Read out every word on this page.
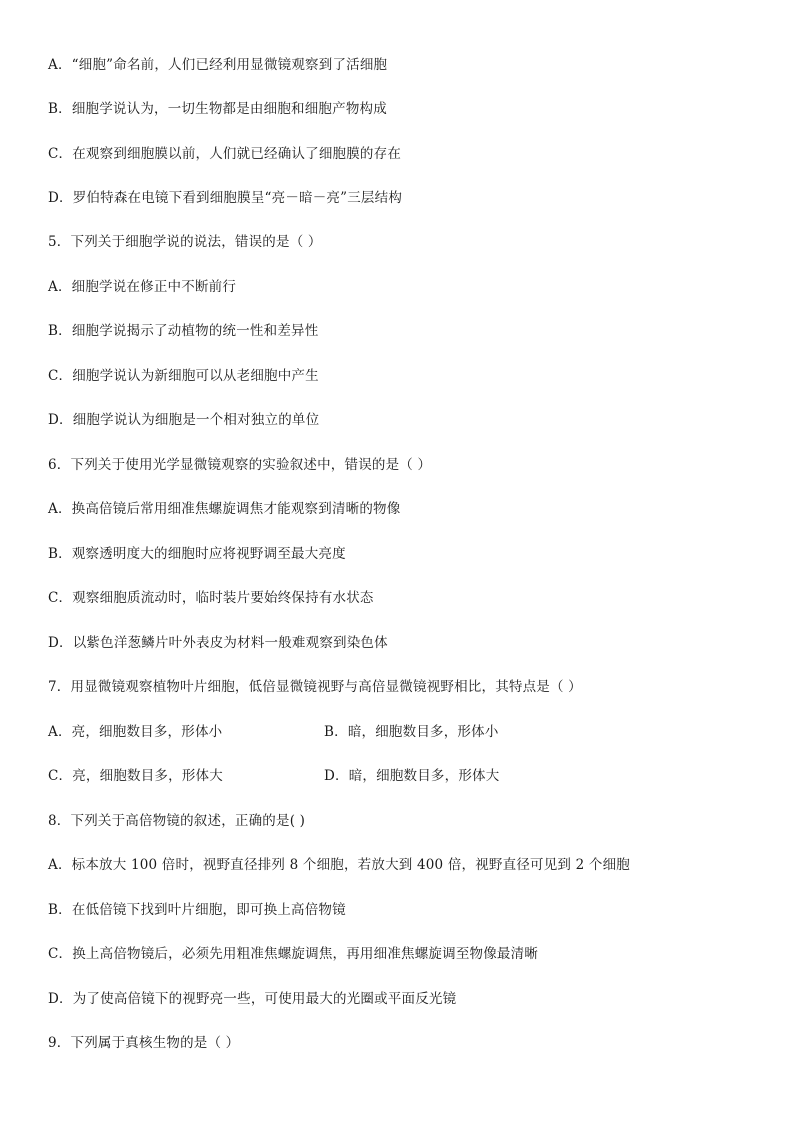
A．“细胞”命名前，人们已经利用显微镜观察到了活细胞
B．细胞学说认为，一切生物都是由细胞和细胞产物构成
C．在观察到细胞膜以前，人们就已经确认了细胞膜的存在
D．罗伯特森在电镜下看到细胞膜呈“亮－暗－亮”三层结构
5．下列关于细胞学说的说法，错误的是（ ）
A．细胞学说在修正中不断前行
B．细胞学说揭示了动植物的统一性和差异性
C．细胞学说认为新细胞可以从老细胞中产生
D．细胞学说认为细胞是一个相对独立的单位
6．下列关于使用光学显微镜观察的实验叙述中，错误的是（ ）
A．换高倍镜后常用细准焦螺旋调焦才能观察到清晰的物像
B．观察透明度大的细胞时应将视野调至最大亮度
C．观察细胞质流动时，临时装片要始终保持有水状态
D．以紫色洋葱鳞片叶外表皮为材料一般难观察到染色体
7．用显微镜观察植物叶片细胞，低倍显微镜视野与高倍显微镜视野相比，其特点是（ ）
A．亮，细胞数目多，形体小	B．暗，细胞数目多，形体小
C．亮，细胞数目多，形体大	D．暗，细胞数目多，形体大
8．下列关于高倍物镜的叙述，正确的是( )
A．标本放大 100 倍时，视野直径排列 8 个细胞，若放大到 400 倍，视野直径可见到 2 个细胞
B．在低倍镜下找到叶片细胞，即可换上高倍物镜
C．换上高倍物镜后，必须先用粗准焦螺旋调焦，再用细准焦螺旋调至物像最清晰
D．为了使高倍镜下的视野亮一些，可使用最大的光圈或平面反光镜
9．下列属于真核生物的是（ ）
